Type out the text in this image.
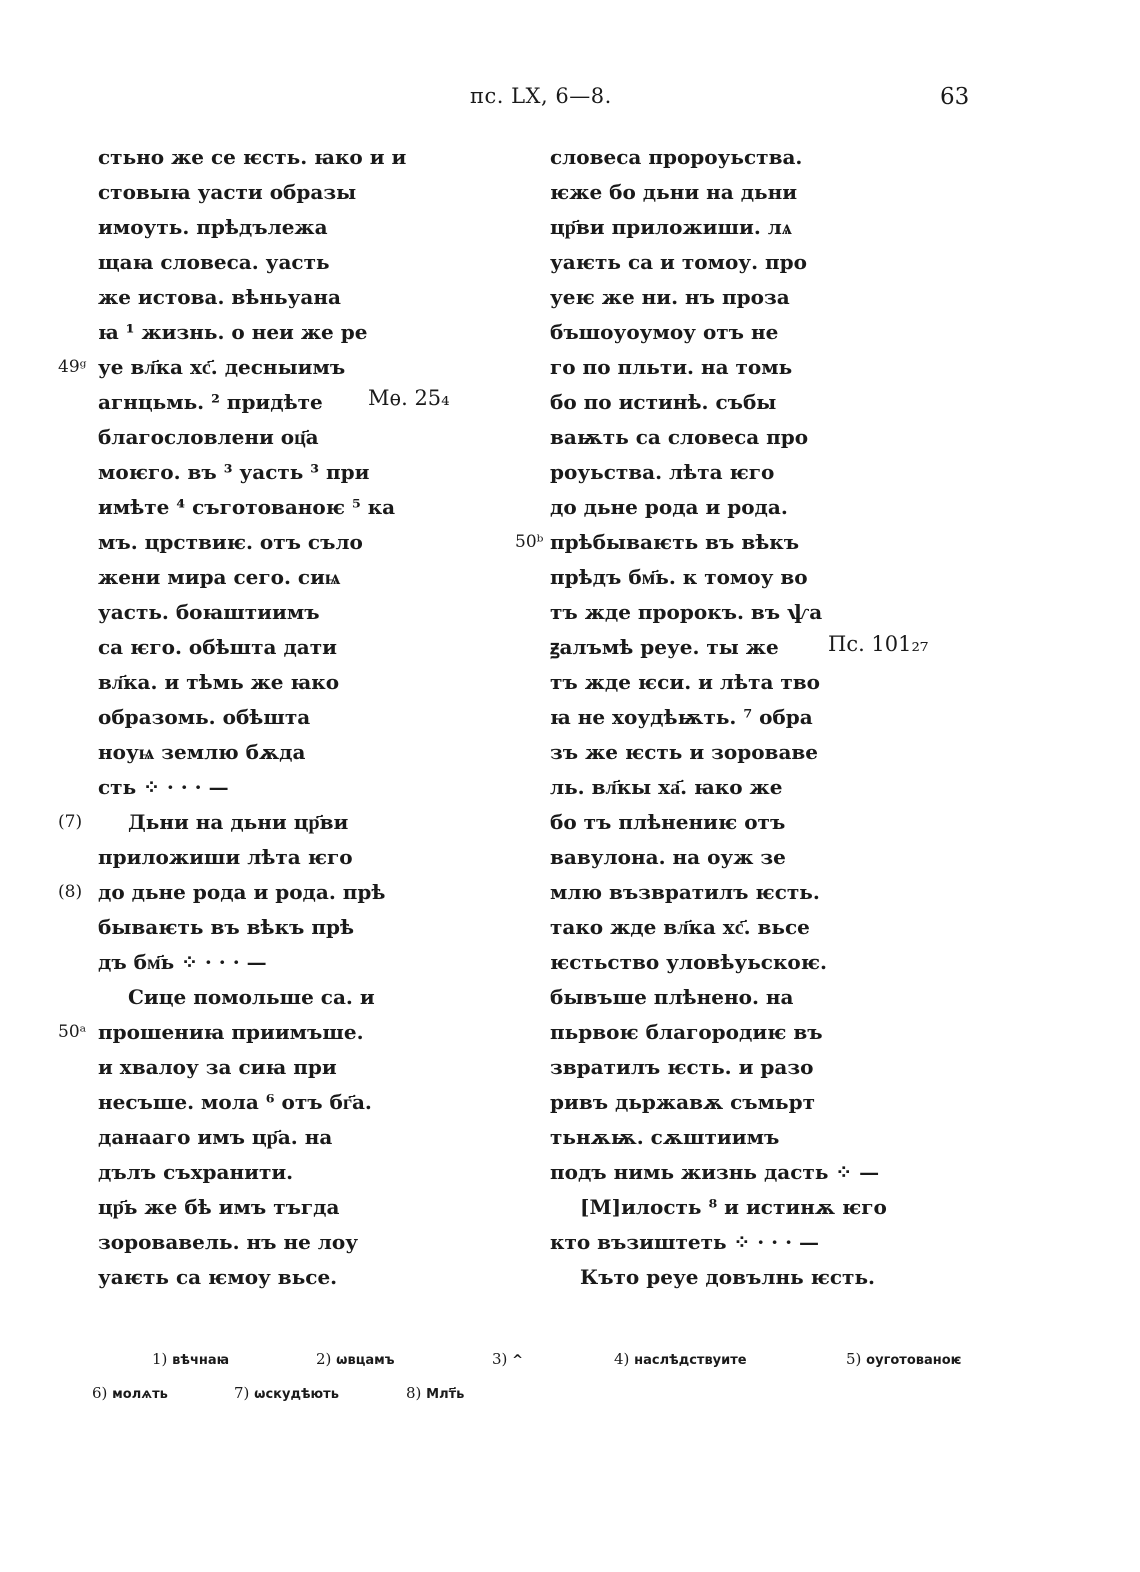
пс. LX, 6—8.	63
стьно же се ѥсть. ꙗко и и
стовыꙗ уасти образы
имоуть. прѣдълежа
щаꙗ словеса. уасть
же истова. вѣньуана
ꙗ ¹ жизнь. о неи же ре
49ᵍ уе вл҃ка хс҃. десныимъ
агнцьмь. ² придѣте
благословлени оц҃а
моѥго. въ ³ уасть ³ при
имѣте ⁴ съготованоѥ ⁵ ка
мъ. црствиѥ. отъ съло
жени мира сего. сиѩ
уасть. боꙗштиимъ
са ѥго. обѣшта дати
вл҃ка. и тѣмь же ꙗко
образомь. обѣшта
ноуѩ землю бѫда
сть ⁘ · · · —
(7) Дьни на дьни цр҃ви
приложиши лѣта ѥго
(8) до дьне рода и рода. прѣ
бываѥть въ вѣкъ прѣ
дъ бм҃ь ⁘ · · · —
Сице помольше са. и
50ᵃ прошениꙗ приимъше.
и хвалоу за сиꙗ при
несъше. мола ⁶ отъ бг҃а.
данааго имъ цр҃а. на
дълъ съхранити.
цр҃ь же бѣ имъ тъгда
зоровавель. нъ не лоу
уаѥть са ѥмоу вьсе.
словеса пророуьства.
ѥже бо дьни на дьни
цр҃ви приложиши. лѧ
уаѥть са и томоу. про
уеѥ же ни. нъ проза
бъшоуоумоу отъ не
го по пльти. на томь
бо по истинѣ. събы
ваѭть са словеса про
роуьства. лѣта ѥго
до дьне рода и рода.
50ᵇ прѣбываѥть въ вѣкъ
прѣдъ бм҃ь. к томоу во
тъ жде пророкъ. въ ѱа
ꙃалъмѣ реуе. ты же
тъ жде ѥси. и лѣта тво
ꙗ не хоудѣѭть. ⁷ обра
зъ же ѥсть и зоровавe
ль. вл҃кы ха҃. ꙗко же
бо тъ плѣнениѥ отъ
вавулона. на оуж зе
млю възвратилъ ѥсть.
тако жде вл҃ка хс҃. вьсе
ѥстьство уловѣуьскоѥ.
бывъше плѣнено. на
пьрвоѥ благородиѥ въ
звратилъ ѥсть. и разо
ривъ дьржавѫ съмьрт
тьнѫѭ. сѫштиимъ
подъ нимь жизнь дасть ⁘ —
[М]илость ⁸ и истинѫ ѥго
кто възиштеть ⁘ · · · —
Къто реуе довълнь ѥсть.
Мѳ. 25₄
Пс. 101₂₇
1) вѣчнаꙗ	2) ѡвцамъ	3) ^	4) наслѣдствуите	5) оуготованоѥ
6) молѧть	7) ѡскудѣють	8) Млт҃ь
